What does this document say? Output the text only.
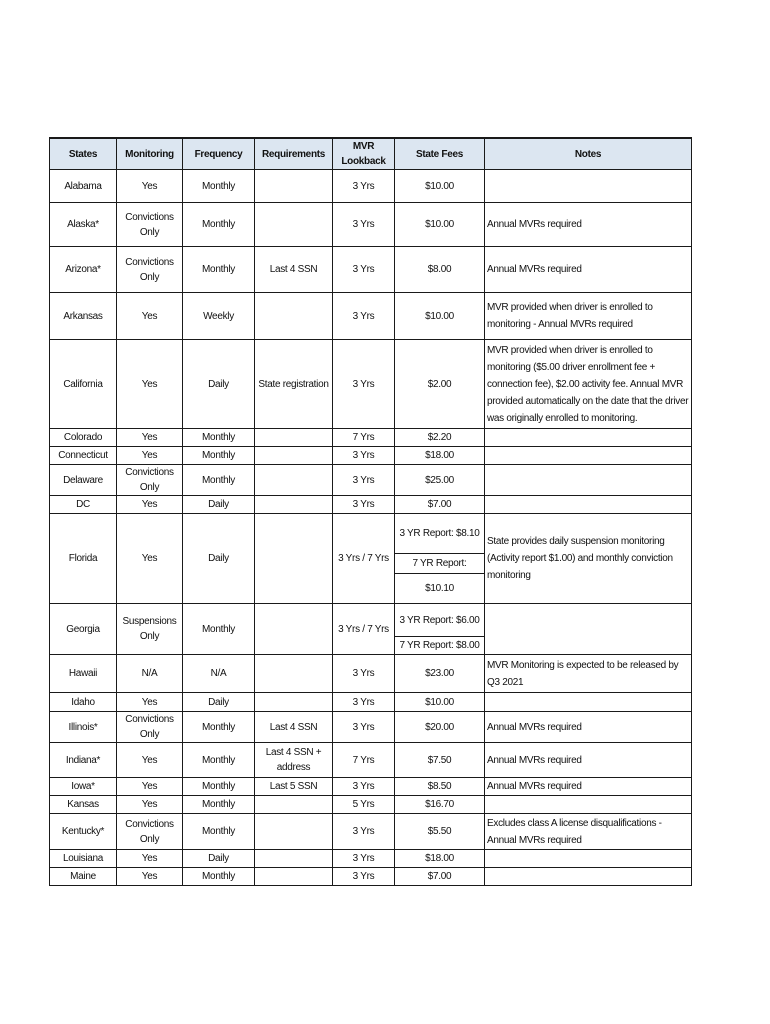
States	Monitoring	Frequency	Requirements	MVR Lookback	State Fees	Notes
Alabama	Yes	Monthly		3 Yrs	$10.00	
Alaska*	Convictions Only	Monthly		3 Yrs	$10.00	Annual MVRs required
Arizona*	Convictions Only	Monthly	Last 4 SSN	3 Yrs	$8.00	Annual MVRs required
Arkansas	Yes	Weekly		3 Yrs	$10.00	MVR provided when driver is enrolled to monitoring - Annual MVRs required
California	Yes	Daily	State registration	3 Yrs	$2.00	MVR provided when driver is enrolled to monitoring ($5.00 driver enrollment fee + connection fee), $2.00 activity fee. Annual MVR provided automatically on the date that the driver was originally enrolled to monitoring.
Colorado	Yes	Monthly		7 Yrs	$2.20	
Connecticut	Yes	Monthly		3 Yrs	$18.00	
Delaware	Convictions Only	Monthly		3 Yrs	$25.00	
DC	Yes	Daily		3 Yrs	$7.00	
Florida	Yes	Daily		3 Yrs / 7 Yrs	3 YR Report: $8.10	State provides daily suspension monitoring (Activity report $1.00) and monthly conviction monitoring
					7 YR Report:	
					$10.10	
Georgia	Suspensions Only	Monthly		3 Yrs / 7 Yrs	3 YR Report: $6.00	
					7 YR Report: $8.00	
Hawaii	N/A	N/A		3 Yrs	$23.00	MVR Monitoring is expected to be released by Q3 2021
Idaho	Yes	Daily		3 Yrs	$10.00	
Illinois*	Convictions Only	Monthly	Last 4 SSN	3 Yrs	$20.00	Annual MVRs required
Indiana*	Yes	Monthly	Last 4 SSN + address	7 Yrs	$7.50	Annual MVRs required
Iowa*	Yes	Monthly	Last 5 SSN	3 Yrs	$8.50	Annual MVRs required
Kansas	Yes	Monthly		5 Yrs	$16.70	
Kentucky*	Convictions Only	Monthly		3 Yrs	$5.50	Excludes class A license disqualifications - Annual MVRs required
Louisiana	Yes	Daily		3 Yrs	$18.00	
Maine	Yes	Monthly		3 Yrs	$7.00	
